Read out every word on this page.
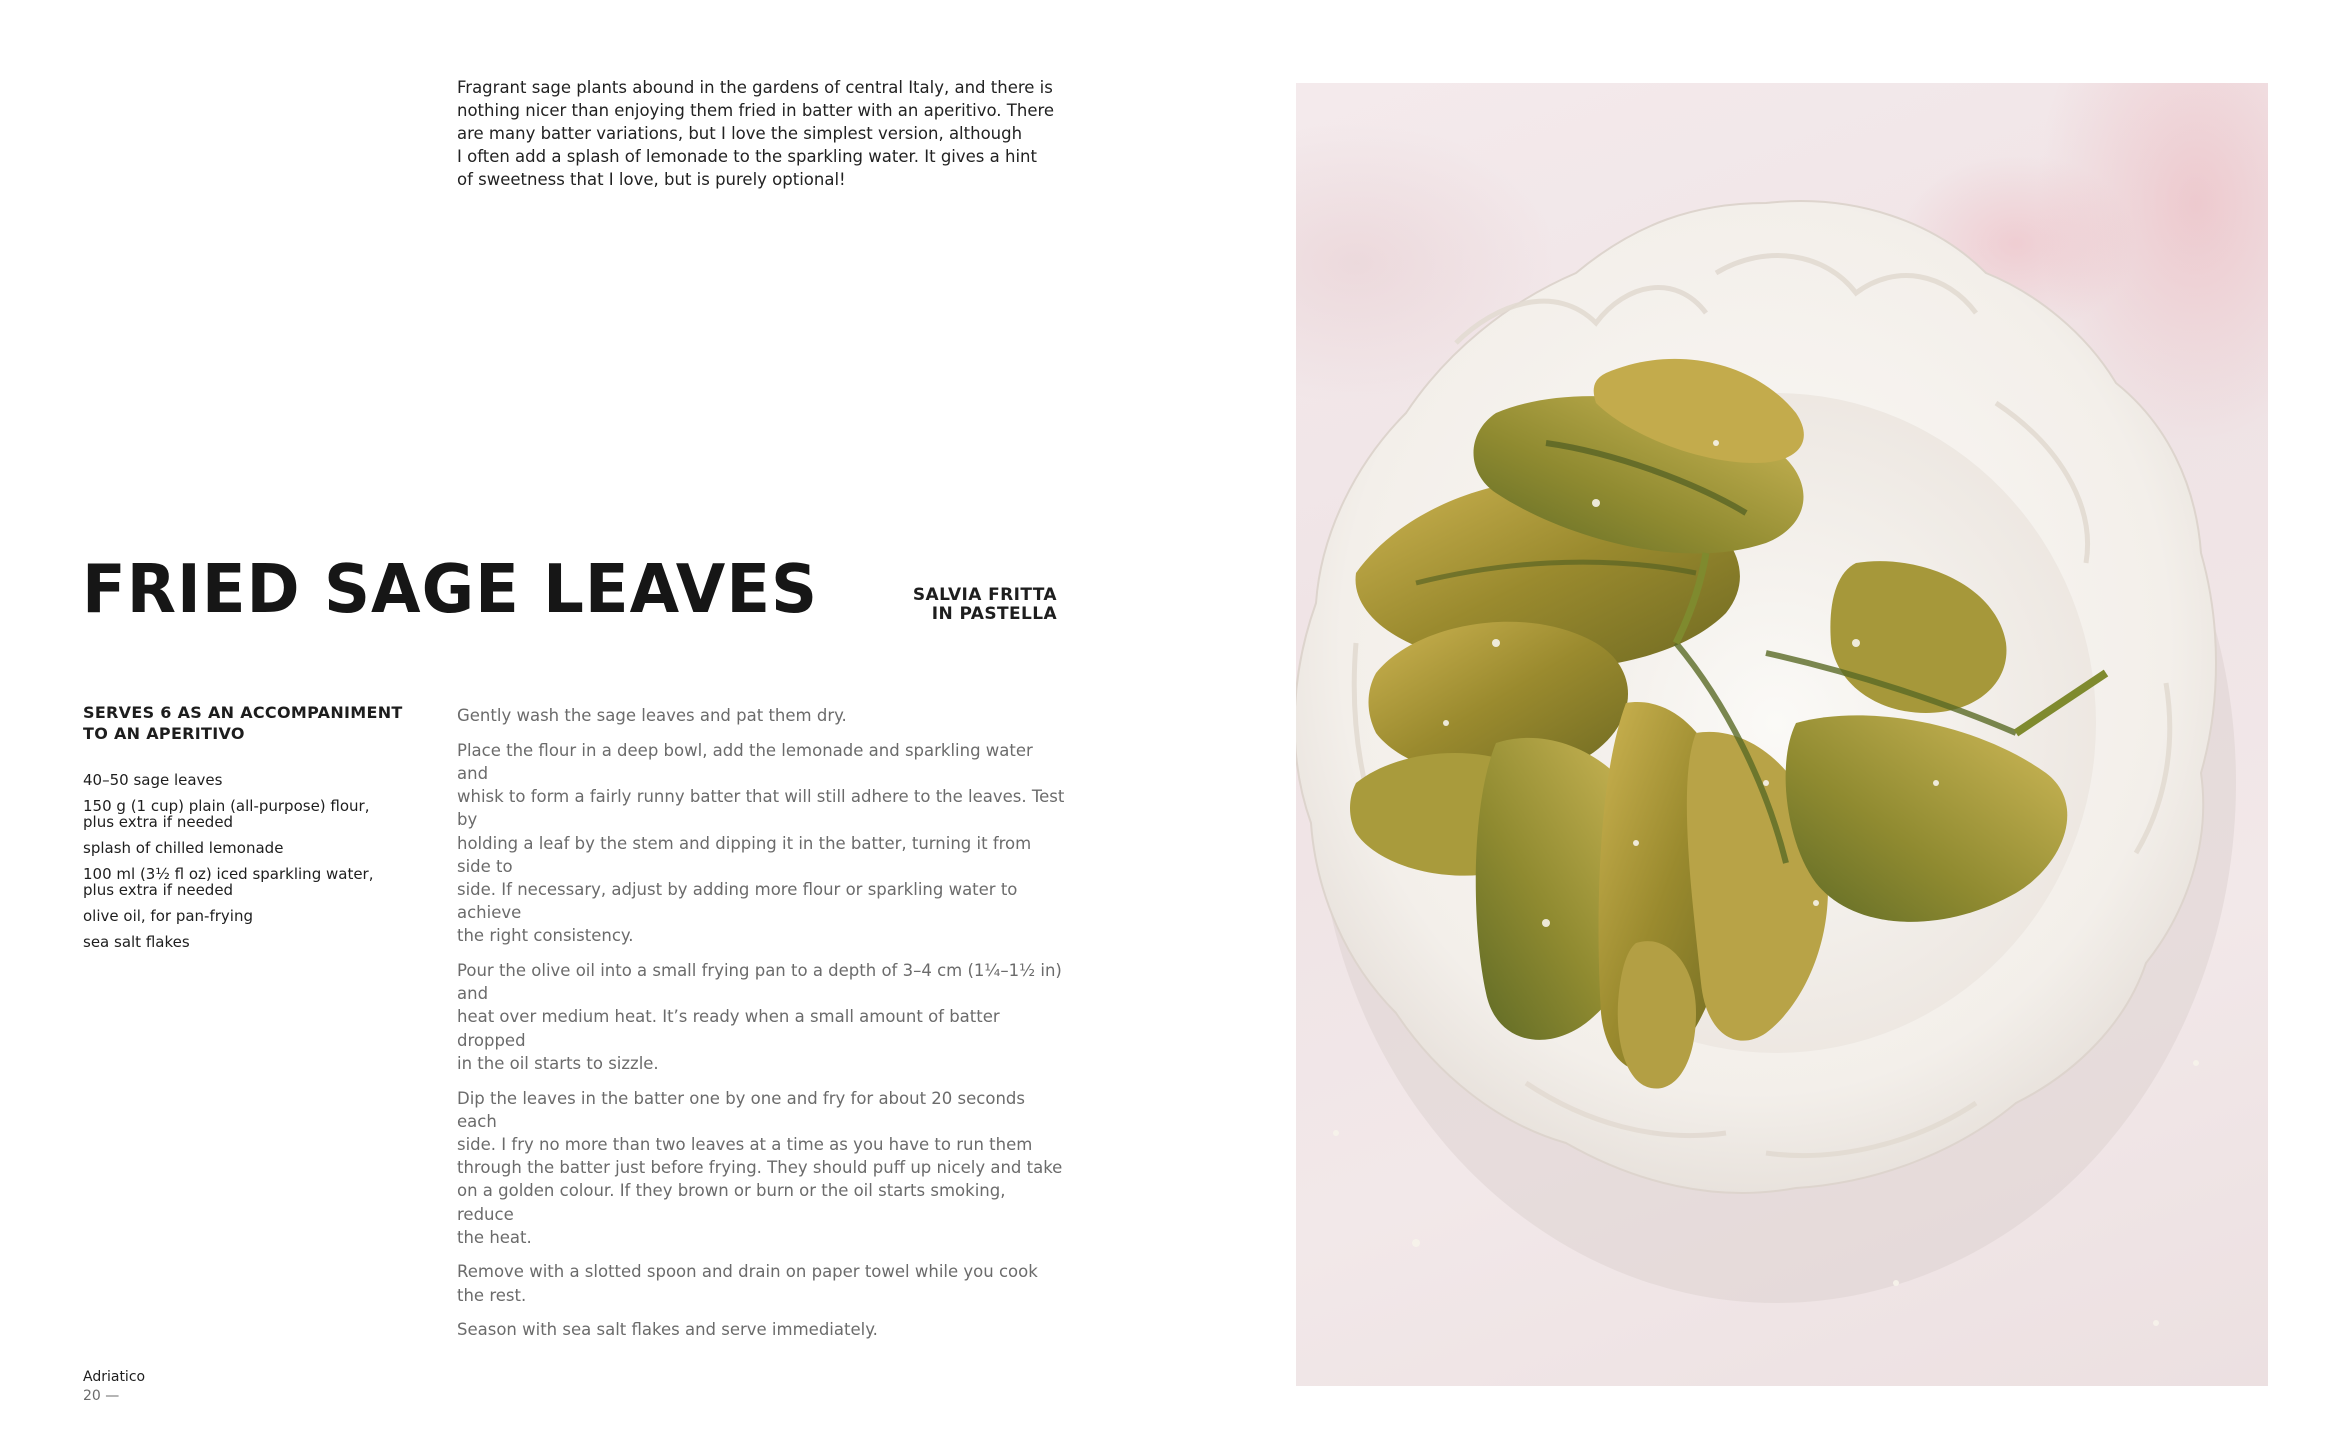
Fragrant sage plants abound in the gardens of central Italy, and there is
nothing nicer than enjoying them fried in batter with an aperitivo. There
are many batter variations, but I love the simplest version, although
I often add a splash of lemonade to the sparkling water. It gives a hint
of sweetness that I love, but is purely optional!

FRIED SAGE LEAVES	SALVIA FRITTA
IN PASTELLA

SERVES 6 AS AN ACCOMPANIMENT
TO AN APERITIVO

40–50 sage leaves
150 g (1 cup) plain (all-purpose) flour,
plus extra if needed
splash of chilled lemonade
100 ml (3½ fl oz) iced sparkling water,
plus extra if needed
olive oil, for pan-frying
sea salt flakes

Gently wash the sage leaves and pat them dry.

Place the flour in a deep bowl, add the lemonade and sparkling water and
whisk to form a fairly runny batter that will still adhere to the leaves. Test by
holding a leaf by the stem and dipping it in the batter, turning it from side to
side. If necessary, adjust by adding more flour or sparkling water to achieve
the right consistency.

Pour the olive oil into a small frying pan to a depth of 3–4 cm (1¼–1½ in) and
heat over medium heat. It’s ready when a small amount of batter dropped
in the oil starts to sizzle.

Dip the leaves in the batter one by one and fry for about 20 seconds each
side. I fry no more than two leaves at a time as you have to run them
through the batter just before frying. They should puff up nicely and take
on a golden colour. If they brown or burn or the oil starts smoking, reduce
the heat.

Remove with a slotted spoon and drain on paper towel while you cook
the rest.

Season with sea salt flakes and serve immediately.

Adriatico
20 —
